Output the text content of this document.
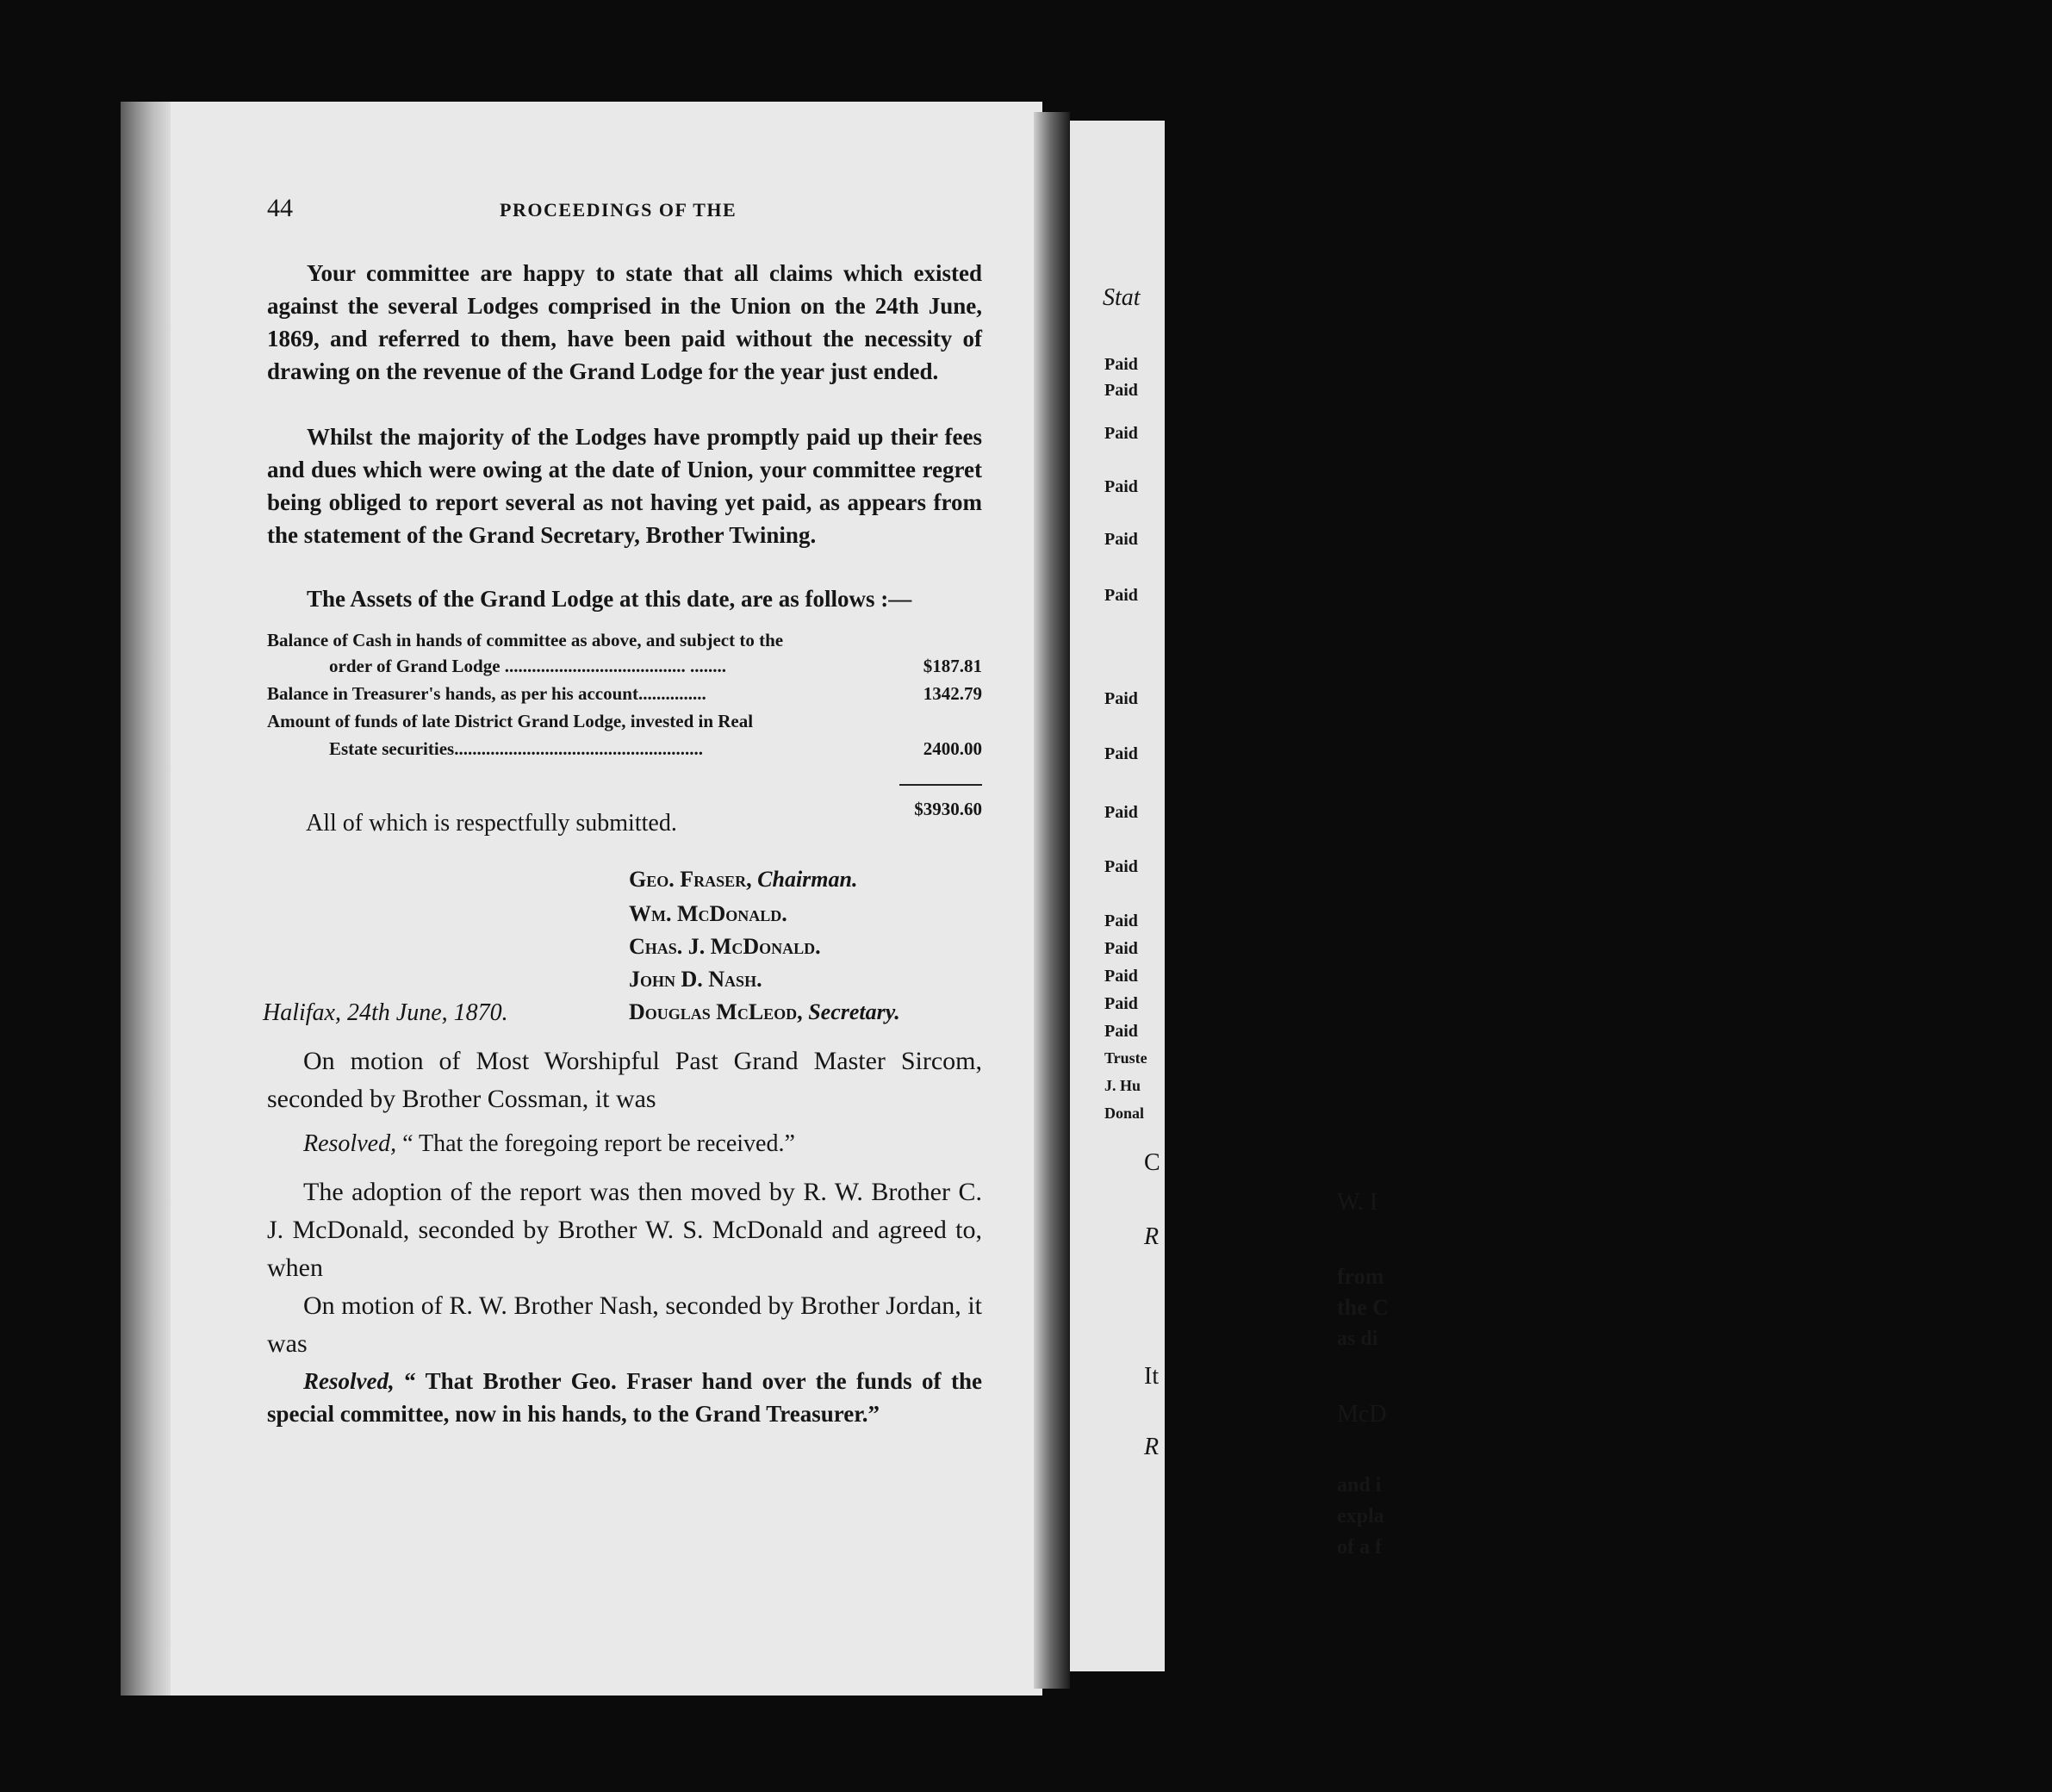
Stat
Paid
Paid
Paid
Paid
Paid
Paid
Paid
Paid
Paid
Paid
Paid
Paid
Paid
Paid
Paid
Truste
J. Hu
Donal
C
W. I
R
from
the C
as di
It
McD
R
and i
expla
of a f
44	PROCEEDINGS OF THE
Your committee are happy to state that all claims which existed against the several Lodges comprised in the Union on the 24th June, 1869, and referred to them, have been paid without the necessity of drawing on the revenue of the Grand Lodge for the year just ended.
Whilst the majority of the Lodges have promptly paid up their fees and dues which were owing at the date of Union, your committee regret being obliged to report several as not having yet paid, as appears from the statement of the Grand Secretary, Brother Twining.
The Assets of the Grand Lodge at this date, are as follows :—
Balance of Cash in hands of committee as above, and subject to the
order of Grand Lodge ........................................ ........	$187.81
Balance in Treasurer's hands, as per his account...............	1342.79
Amount of funds of late District Grand Lodge, invested in Real
Estate securities.......................................................	2400.00
$3930.60
All of which is respectfully submitted.
Geo. Fraser, Chairman.
Wm. McDonald.
Chas. J. McDonald.
John D. Nash.
Halifax, 24th June, 1870.	Douglas McLeod, Secretary.
On motion of Most Worshipful Past Grand Master Sircom, seconded by Brother Cossman, it was
Resolved, “ That the foregoing report be received.”
The adoption of the report was then moved by R. W. Brother C. J. McDonald, seconded by Brother W. S. McDonald and agreed to, when
On motion of R. W. Brother Nash, seconded by Brother Jordan, it was
Resolved, “ That Brother Geo. Fraser hand over the funds of the special committee, now in his hands, to the Grand Treasurer.”
